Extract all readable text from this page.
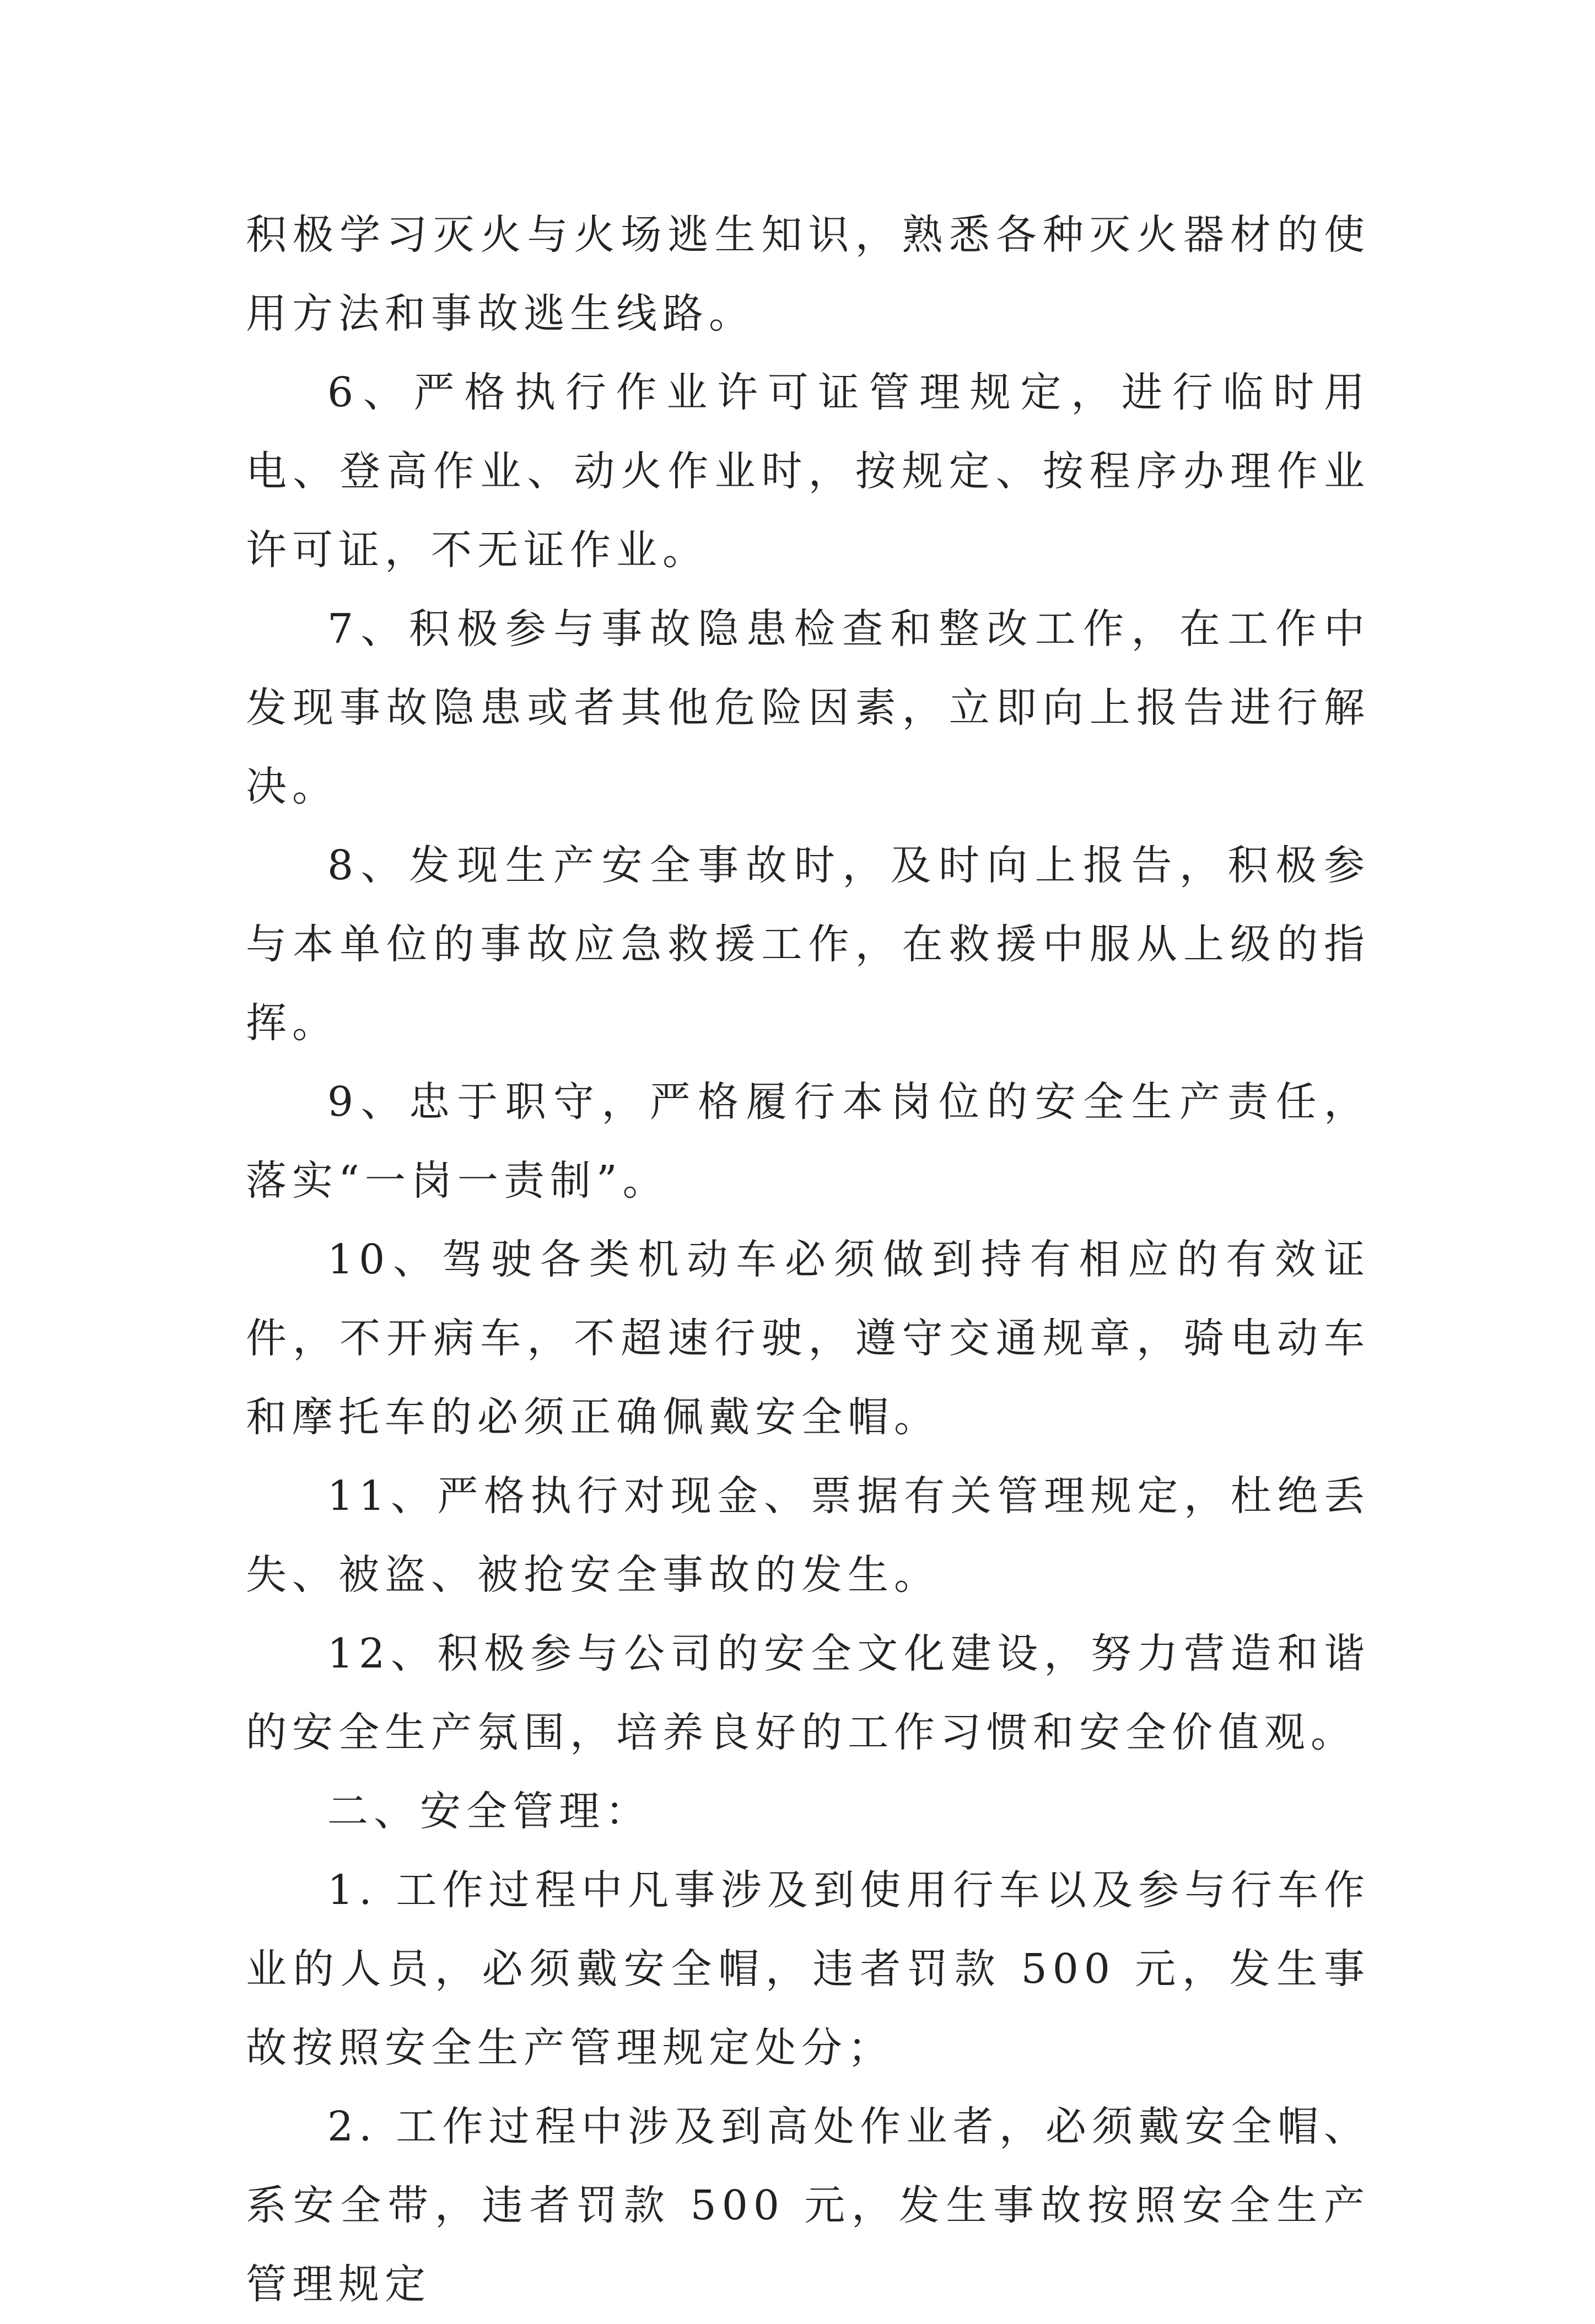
积极学习灭火与火场逃生知识，熟悉各种灭火器材的使用方法和事故逃生线路。

6、严格执行作业许可证管理规定，进行临时用电、登高作业、动火作业时，按规定、按程序办理作业许可证，不无证作业。

7、积极参与事故隐患检查和整改工作，在工作中发现事故隐患或者其他危险因素，立即向上报告进行解决。

8、发现生产安全事故时，及时向上报告，积极参与本单位的事故应急救援工作，在救援中服从上级的指挥。

9、忠于职守，严格履行本岗位的安全生产责任，落实“一岗一责制”。

10、驾驶各类机动车必须做到持有相应的有效证件，不开病车，不超速行驶，遵守交通规章，骑电动车和摩托车的必须正确佩戴安全帽。

11、严格执行对现金、票据有关管理规定，杜绝丢失、被盗、被抢安全事故的发生。

12、积极参与公司的安全文化建设，努力营造和谐的安全生产氛围，培养良好的工作习惯和安全价值观。

二、安全管理：

1. 工作过程中凡事涉及到使用行车以及参与行车作业的人员，必须戴安全帽，违者罚款 500 元，发生事故按照安全生产管理规定处分；

2. 工作过程中涉及到高处作业者，必须戴安全帽、系安全带，违者罚款 500 元，发生事故按照安全生产管理规定
